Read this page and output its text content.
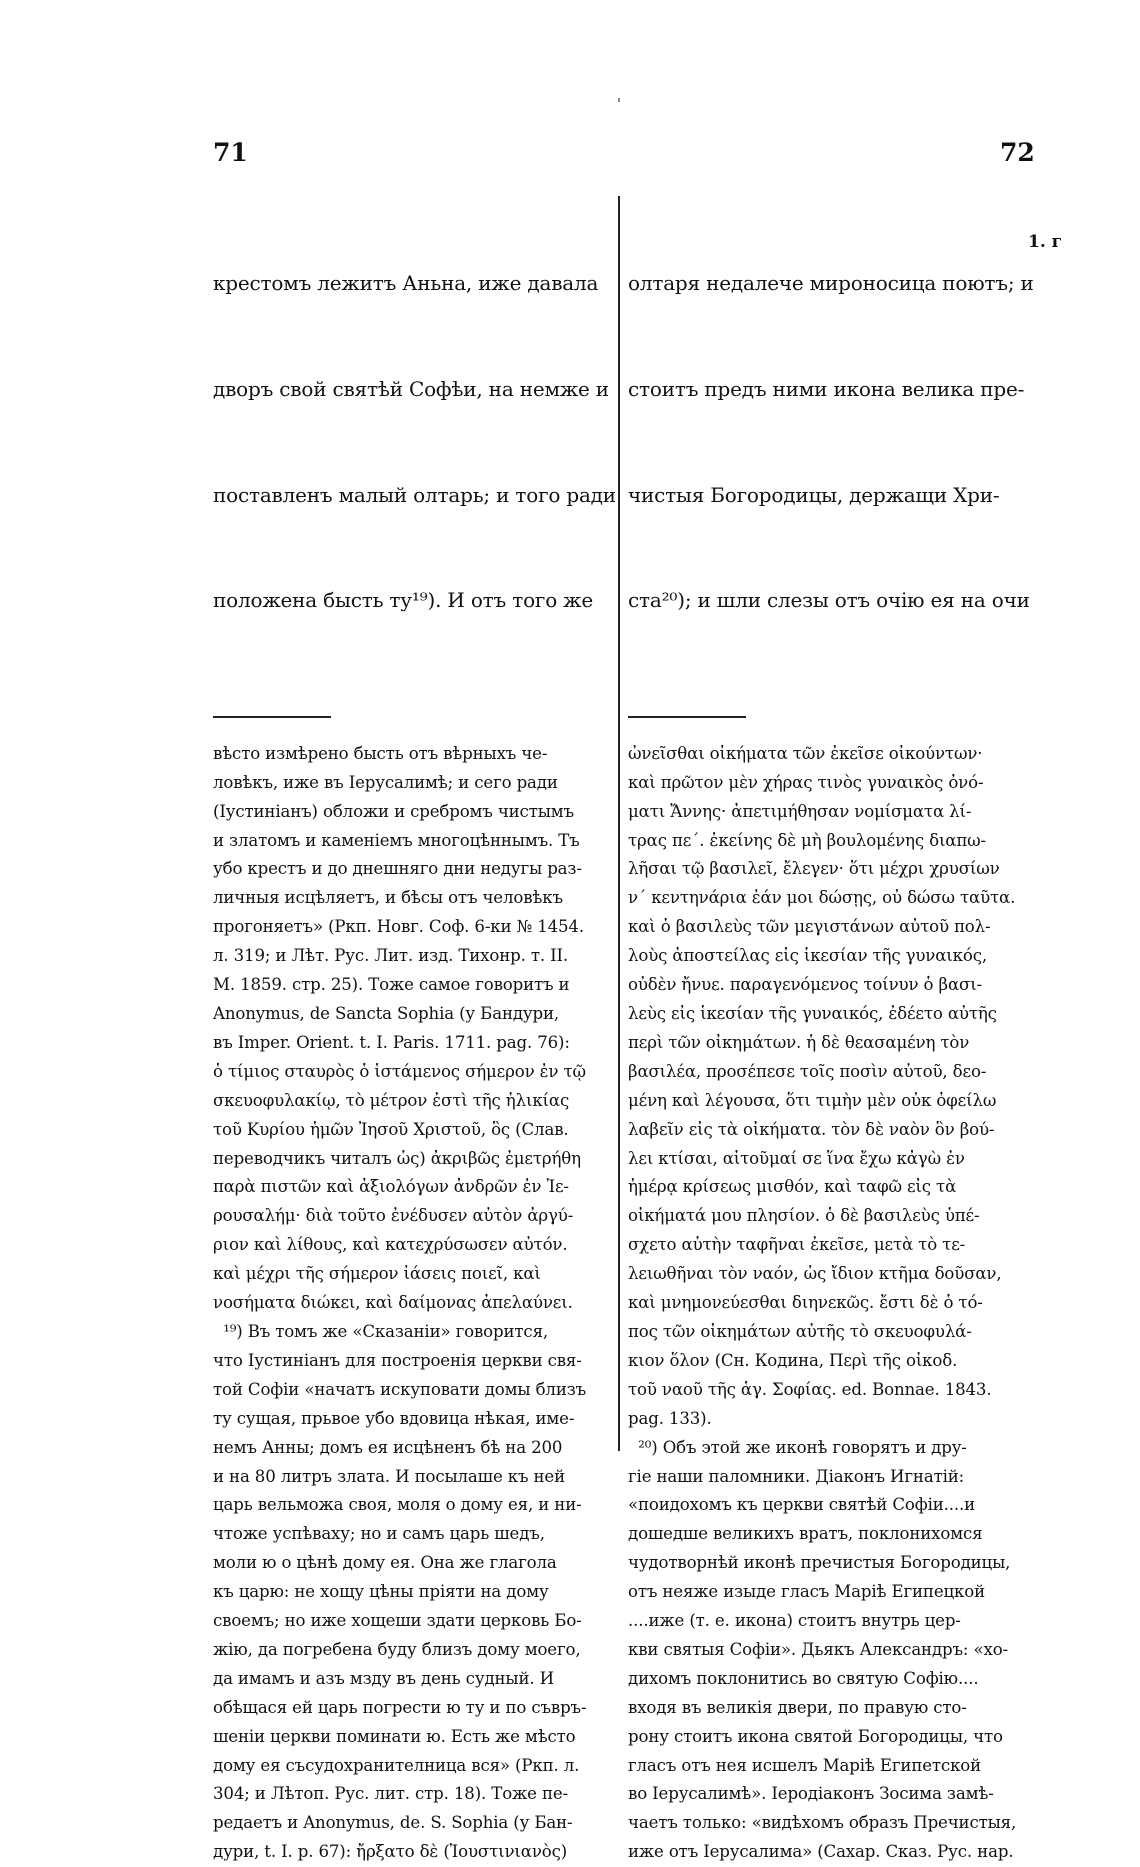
71	72

крестомъ лежитъ Аньна, иже давала

дворъ свой святѣй Софѣи, на немже и

поставленъ малый олтарь; и того ради

положена бысть ту¹⁹). И отъ того же

вѣсто измѣрено бысть отъ вѣрныхъ че-
ловѣкъ, иже въ Іерусалимѣ; и сего ради
(Іустиніанъ) обложи и сребромъ чистымъ
и златомъ и каменіемъ многоцѣннымъ. Тъ
убо крестъ и до днешняго дни недугы раз-
личныя исцѣляетъ, и бѣсы отъ человѣкъ
прогоняетъ» (Ркп. Новг. Соф. 6-ки № 1454.
л. 319; и Лѣт. Рус. Лит. изд. Тихонр. т. II.
М. 1859. стр. 25). Тоже самое говоритъ и
Anonymus, de Sancta Sophia (у Бандури,
въ Imper. Orient. t. I. Paris. 1711. pag. 76):
ὁ τίμιος σταυρὸς ὁ ἱστάμενος σήμερον ἐν τῷ
σκευοφυλακίῳ, τὸ μέτρον ἐστὶ τῆς ἡλικίας
τοῦ Κυρίου ἡμῶν Ἰησοῦ Χριστοῦ, ὃς (Слав.
переводчикъ читалъ ὡς) ἀκριβῶς ἐμετρήθη
παρὰ πιστῶν καὶ ἀξιολόγων ἀνδρῶν ἐν Ἰε-
ρουσαλήμ· διὰ τοῦτο ἐνέδυσεν αὐτὸν ἀργύ-
ριον καὶ λίθους, καὶ κατεχρύσωσεν αὐτόν.
καὶ μέχρι τῆς σήμερον ἰάσεις ποιεῖ, καὶ
νοσήματα διώκει, καὶ δαίμονας ἀπελαύνει.
¹⁹) Въ томъ же «Сказаніи» говорится,
что Іустиніанъ для построенія церкви свя-
той Софіи «начатъ искуповати домы близъ
ту сущая, прьвое убо вдовица нѣкая, име-
немъ Анны; домъ ея исцѣненъ бѣ на 200
и на 80 литръ злата. И посылаше къ ней
царь вельможа своя, моля о дому ея, и ни-
чтоже успѣваху; но и самъ царь шедъ,
моли ю о цѣнѣ дому ея. Она же глагола
къ царю: не хощу цѣны пріяти на дому
своемъ; но иже хощеши здати церковь Бо-
жію, да погребена буду близъ дому моего,
да имамъ и азъ мзду въ день судный. И
обѣщася ей царь погрести ю ту и по съвръ-
шеніи церкви поминати ю. Есть же мѣсто
дому ея съсудохранителница вся» (Ркп. л.
304; и Лѣтоп. Рус. лит. стр. 18). Тоже пе-
редаетъ и Anonymus, de. S. Sophia (у Бан-
дури, t. I. p. 67): ἤρξατο δὲ (Ἰουστινιανὸς)

олтаря недалече мироносица поютъ; и

стоитъ предъ ними икона велика пре-

чистыя Богородицы, держащи Хри-

ста²⁰); и шли слезы отъ очію ея на очи

ὠνεῖσθαι οἰκήματα τῶν ἐκεῖσε οἰκούντων·
καὶ πρῶτον μὲν χήρας τινὸς γυναικὸς ὀνό-
ματι Ἄννης· ἀπετιμήθησαν νομίσματα λί-
τρας πε΄. ἐκείνης δὲ μὴ βουλομένης διαπω-
λῆσαι τῷ βασιλεῖ, ἔλεγεν· ὅτι μέχρι χρυσίων
ν΄ κεντηνάρια ἐάν μοι δώσῃς, οὐ δώσω ταῦτα.
καὶ ὁ βασιλεὺς τῶν μεγιστάνων αὐτοῦ πολ-
λοὺς ἀποστείλας εἰς ἱκεσίαν τῆς γυναικός,
οὐδὲν ἤνυε. παραγενόμενος τοίνυν ὁ βασι-
λεὺς εἰς ἱκεσίαν τῆς γυναικός, ἐδέετο αὐτῆς
περὶ τῶν οἰκημάτων. ἡ δὲ θεασαμένη τὸν
βασιλέα, προσέπεσε τοῖς ποσὶν αὐτοῦ, δεο-
μένη καὶ λέγουσα, ὅτι τιμὴν μὲν οὐκ ὀφείλω
λαβεῖν εἰς τὰ οἰκήματα. τὸν δὲ ναὸν ὃν βού-
λει κτίσαι, αἰτοῦμαί σε ἵνα ἔχω κἀγὼ ἐν
ἡμέρᾳ κρίσεως μισθόν, καὶ ταφῶ εἰς τὰ
οἰκήματά μου πλησίον. ὁ δὲ βασιλεὺς ὑπέ-
σχετο αὐτὴν ταφῆναι ἐκεῖσε, μετὰ τὸ τε-
λειωθῆναι τὸν ναόν, ὡς ἴδιον κτῆμα δοῦσαν,
καὶ μνημονεύεσθαι διηνεκῶς. ἔστι δὲ ὁ τό-
πος τῶν οἰκημάτων αὐτῆς τὸ σκευοφυλά-
κιον ὅλον (Сн. Кодина, Περὶ τῆς οἰκοδ.
τοῦ ναοῦ τῆς ἁγ. Σοφίας. ed. Bonnae. 1843.
pag. 133).
²⁰) Объ этой же иконѣ говорятъ и дру-
гіе наши паломники. Діаконъ Игнатій:
«поидохомъ къ церкви святѣй Софіи....и
дошедше великихъ вратъ, поклонихомся
чудотворнѣй иконѣ пречистыя Богородицы,
отъ неяже изыде гласъ Маріѣ Египецкой
....иже (т. е. икона) стоитъ внутрь цер-
кви святыя Софіи». Дьякъ Александръ: «хо-
дихомъ поклонитись во святую Софію....
входя въ великія двери, по правую сто-
рону стоитъ икона святой Богородицы, что
гласъ отъ нея исшелъ Маріѣ Египетской
во Іерусалимѣ». Іеродіаконъ Зосима замѣ-
чаетъ только: «видѣхомъ образъ Пречистыя,
иже отъ Іерусалима» (Сахар. Сказ. Рус. нар.
1. г
